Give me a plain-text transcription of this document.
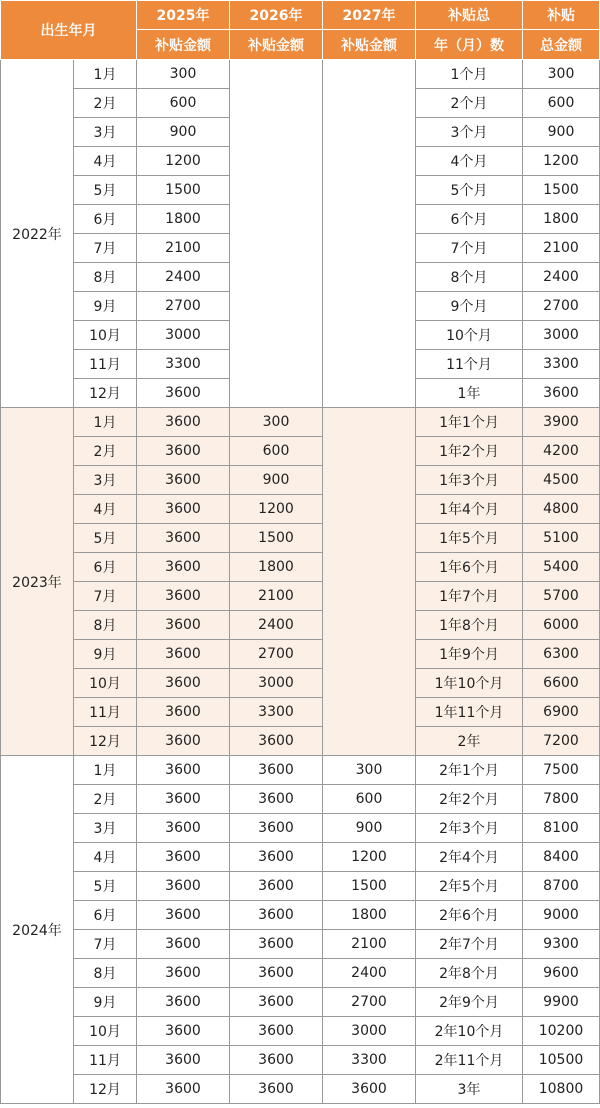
出生年月		2025年	2026年	2027年	补贴总	补贴
		补贴金额	补贴金额	补贴金额	年（月）数	总金额
2022年	1月	300			1个月	300
	2月	600			2个月	600
	3月	900			3个月	900
	4月	1200			4个月	1200
	5月	1500			5个月	1500
	6月	1800			6个月	1800
	7月	2100			7个月	2100
	8月	2400			8个月	2400
	9月	2700			9个月	2700
	10月	3000			10个月	3000
	11月	3300			11个月	3300
	12月	3600			1年	3600
2023年	1月	3600	300		1年1个月	3900
	2月	3600	600		1年2个月	4200
	3月	3600	900		1年3个月	4500
	4月	3600	1200		1年4个月	4800
	5月	3600	1500		1年5个月	5100
	6月	3600	1800		1年6个月	5400
	7月	3600	2100		1年7个月	5700
	8月	3600	2400		1年8个月	6000
	9月	3600	2700		1年9个月	6300
	10月	3600	3000		1年10个月	6600
	11月	3600	3300		1年11个月	6900
	12月	3600	3600		2年	7200
2024年	1月	3600	3600	300	2年1个月	7500
	2月	3600	3600	600	2年2个月	7800
	3月	3600	3600	900	2年3个月	8100
	4月	3600	3600	1200	2年4个月	8400
	5月	3600	3600	1500	2年5个月	8700
	6月	3600	3600	1800	2年6个月	9000
	7月	3600	3600	2100	2年7个月	9300
	8月	3600	3600	2400	2年8个月	9600
	9月	3600	3600	2700	2年9个月	9900
	10月	3600	3600	3000	2年10个月	10200
	11月	3600	3600	3300	2年11个月	10500
	12月	3600	3600	3600	3年	10800
